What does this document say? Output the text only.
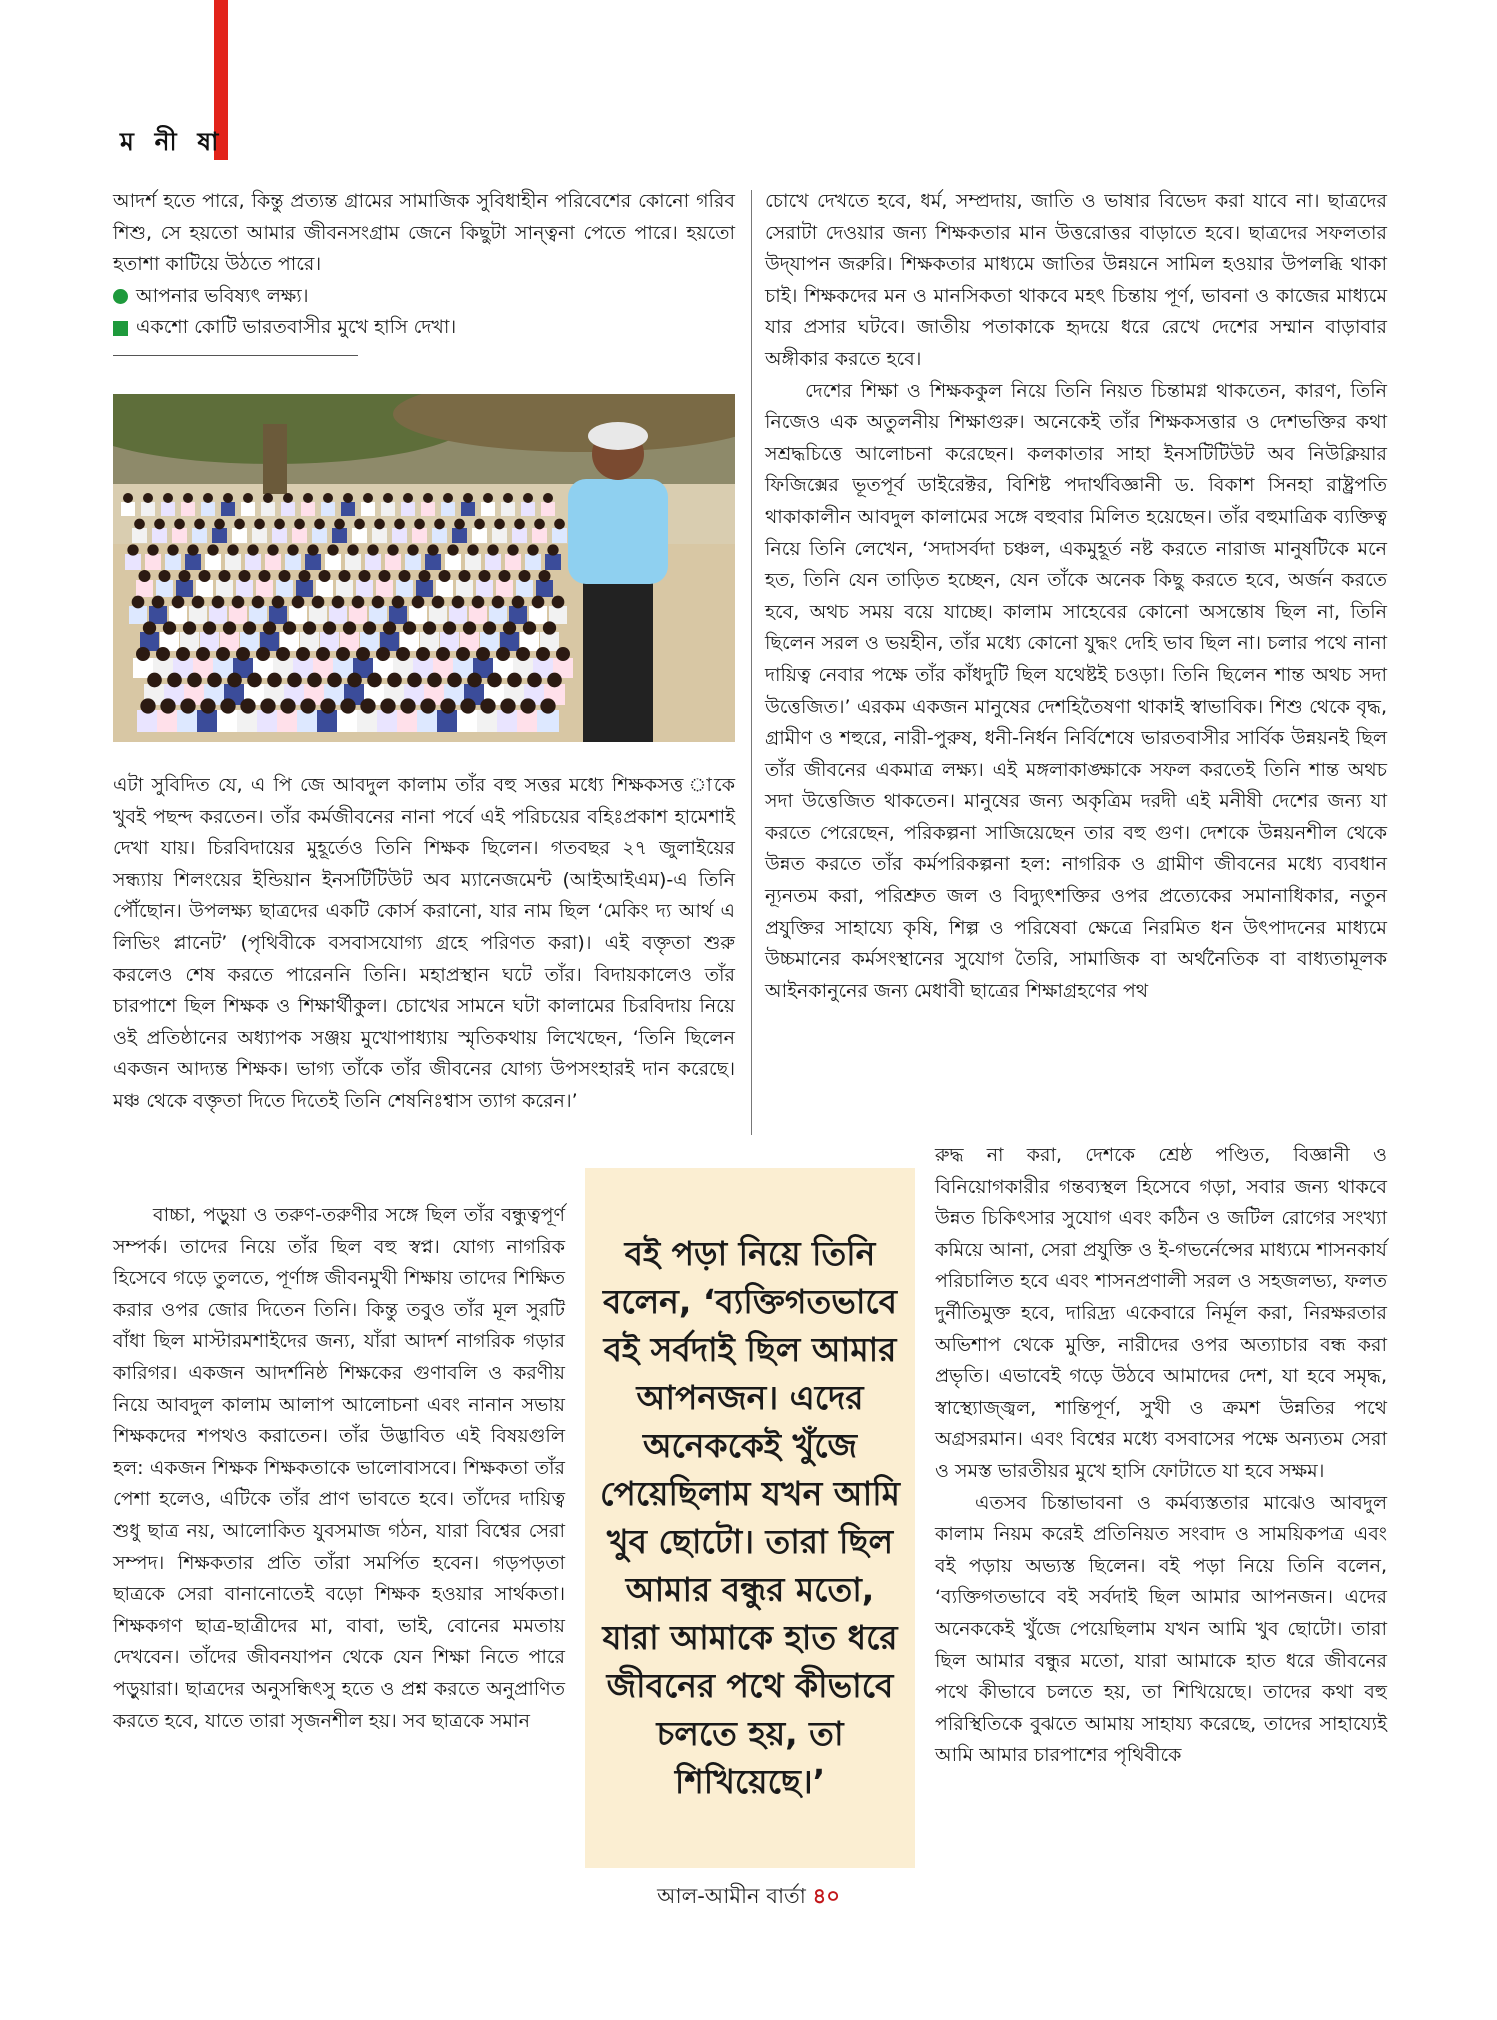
ম নী ষা

আদর্শ হতে পারে, কিন্তু প্রত্যন্ত গ্রামের সামাজিক সুবিধাহীন পরিবেশের কোনো গরিব শিশু, সে হয়তো আমার জীবনসংগ্রাম জেনে কিছুটা সান্ত্বনা পেতে পারে। হয়তো হতাশা কাটিয়ে উঠতে পারে।

আপনার ভবিষ্যৎ লক্ষ্য।
একশো কোটি ভারতবাসীর মুখে হাসি দেখা।

এটা সুবিদিত যে, এ পি জে আবদুল কালাম তাঁর বহু সত্তর মধ্যে শিক্ষকসত্ত াকে খুবই পছন্দ করতেন। তাঁর কর্মজীবনের নানা পর্বে এই পরিচয়ের বহিঃপ্রকাশ হামেশাই দেখা যায়। চিরবিদায়ের মুহূর্তেও তিনি শিক্ষক ছিলেন। গতবছর ২৭ জুলাইয়ের সন্ধ্যায় শিলংয়ের ইন্ডিয়ান ইনসটিটিউট অব ম্যানেজমেন্ট (আইআইএম)-এ তিনি পৌঁছোন। উপলক্ষ্য ছাত্রদের একটি কোর্স করানো, যার নাম ছিল ‘মেকিং দ্য আর্থ এ লিভিং প্লানেট’ (পৃথিবীকে বসবাসযোগ্য গ্রহে পরিণত করা)। এই বক্তৃতা শুরু করলেও শেষ করতে পারেননি তিনি। মহাপ্রস্থান ঘটে তাঁর। বিদায়কালেও তাঁর চারপাশে ছিল শিক্ষক ও শিক্ষার্থীকুল। চোখের সামনে ঘটা কালামের চিরবিদায় নিয়ে ওই প্রতিষ্ঠানের অধ্যাপক সঞ্জয় মুখোপাধ্যায় স্মৃতিকথায় লিখেছেন, ‘তিনি ছিলেন একজন আদ্যন্ত শিক্ষক। ভাগ্য তাঁকে তাঁর জীবনের যোগ্য উপসংহারই দান করেছে। মঞ্চ থেকে বক্তৃতা দিতে দিতেই তিনি শেষনিঃশ্বাস ত্যাগ করেন।’

বাচ্চা, পড়ুয়া ও তরুণ-তরুণীর সঙ্গে ছিল তাঁর বন্ধুত্বপূর্ণ সম্পর্ক। তাদের নিয়ে তাঁর ছিল বহু স্বপ্ন। যোগ্য নাগরিক হিসেবে গড়ে তুলতে, পূর্ণাঙ্গ জীবনমুখী শিক্ষায় তাদের শিক্ষিত করার ওপর জোর দিতেন তিনি। কিন্তু তবুও তাঁর মূল সুরটি বাঁধা ছিল মাস্টারমশাইদের জন্য, যাঁরা আদর্শ নাগরিক গড়ার কারিগর। একজন আদর্শনিষ্ঠ শিক্ষকের গুণাবলি ও করণীয় নিয়ে আবদুল কালাম আলাপ আলোচনা এবং নানান সভায় শিক্ষকদের শপথও করাতেন। তাঁর উদ্ভাবিত এই বিষয়গুলি হল: একজন শিক্ষক শিক্ষকতাকে ভালোবাসবে। শিক্ষকতা তাঁর পেশা হলেও, এটিকে তাঁর প্রাণ ভাবতে হবে। তাঁদের দায়িত্ব শুধু ছাত্র নয়, আলোকিত যুবসমাজ গঠন, যারা বিশ্বের সেরা সম্পদ। শিক্ষকতার প্রতি তাঁরা সমর্পিত হবেন। গড়পড়তা ছাত্রকে সেরা বানানোতেই বড়ো শিক্ষক হওয়ার সার্থকতা। শিক্ষকগণ ছাত্র-ছাত্রীদের মা, বাবা, ভাই, বোনের মমতায় দেখবেন। তাঁদের জীবনযাপন থেকে যেন শিক্ষা নিতে পারে পড়ুয়ারা। ছাত্রদের অনুসন্ধিৎসু হতে ও প্রশ্ন করতে অনুপ্রাণিত করতে হবে, যাতে তারা সৃজনশীল হয়। সব ছাত্রকে সমান

বই পড়া নিয়ে তিনি বলেন, ‘ব্যক্তিগতভাবে বই সর্বদাই ছিল আমার আপনজন। এদের অনেককেই খুঁজে পেয়েছিলাম যখন আমি খুব ছোটো। তারা ছিল আমার বন্ধুর মতো, যারা আমাকে হাত ধরে জীবনের পথে কীভাবে চলতে হয়, তা শিখিয়েছে।’

চোখে দেখতে হবে, ধর্ম, সম্প্রদায়, জাতি ও ভাষার বিভেদ করা যাবে না। ছাত্রদের সেরাটা দেওয়ার জন্য শিক্ষকতার মান উত্তরোত্তর বাড়াতে হবে। ছাত্রদের সফলতার উদ্‌যাপন জরুরি। শিক্ষকতার মাধ্যমে জাতির উন্নয়নে সামিল হওয়ার উপলব্ধি থাকা চাই। শিক্ষকদের মন ও মানসিকতা থাকবে মহৎ চিন্তায় পূর্ণ, ভাবনা ও কাজের মাধ্যমে যার প্রসার ঘটবে। জাতীয় পতাকাকে হৃদয়ে ধরে রেখে দেশের সম্মান বাড়াবার অঙ্গীকার করতে হবে।

দেশের শিক্ষা ও শিক্ষককুল নিয়ে তিনি নিয়ত চিন্তামগ্ন থাকতেন, কারণ, তিনি নিজেও এক অতুলনীয় শিক্ষাগুরু। অনেকেই তাঁর শিক্ষকসত্তার ও দেশভক্তির কথা সশ্রদ্ধচিত্তে আলোচনা করেছেন। কলকাতার সাহা ইনসটিটিউট অব নিউক্লিয়ার ফিজিক্সের ভূতপূর্ব ডাইরেক্টর, বিশিষ্ট পদার্থবিজ্ঞানী ড. বিকাশ সিনহা রাষ্ট্রপতি থাকাকালীন আবদুল কালামের সঙ্গে বহুবার মিলিত হয়েছেন। তাঁর বহুমাত্রিক ব্যক্তিত্ব নিয়ে তিনি লেখেন, ‘সদাসর্বদা চঞ্চল, একমুহূর্ত নষ্ট করতে নারাজ মানুষটিকে মনে হত, তিনি যেন তাড়িত হচ্ছেন, যেন তাঁকে অনেক কিছু করতে হবে, অর্জন করতে হবে, অথচ সময় বয়ে যাচ্ছে। কালাম সাহেবের কোনো অসন্তোষ ছিল না, তিনি ছিলেন সরল ও ভয়হীন, তাঁর মধ্যে কোনো যুদ্ধং দেহি ভাব ছিল না। চলার পথে নানা দায়িত্ব নেবার পক্ষে তাঁর কাঁধদুটি ছিল যথেষ্টই চওড়া। তিনি ছিলেন শান্ত অথচ সদা উত্তেজিত।’ এরকম একজন মানুষের দেশহিতৈষণা থাকাই স্বাভাবিক। শিশু থেকে বৃদ্ধ, গ্রামীণ ও শহুরে, নারী-পুরুষ, ধনী-নির্ধন নির্বিশেষে ভারতবাসীর সার্বিক উন্নয়নই ছিল তাঁর জীবনের একমাত্র লক্ষ্য। এই মঙ্গলাকাঙ্ক্ষাকে সফল করতেই তিনি শান্ত অথচ সদা উত্তেজিত থাকতেন। মানুষের জন্য অকৃত্রিম দরদী এই মনীষী দেশের জন্য যা করতে পেরেছেন, পরিকল্পনা সাজিয়েছেন তার বহু গুণ। দেশকে উন্নয়নশীল থেকে উন্নত করতে তাঁর কর্মপরিকল্পনা হল: নাগরিক ও গ্রামীণ জীবনের মধ্যে ব্যবধান ন্যূনতম করা, পরিশ্রুত জল ও বিদ্যুৎশক্তির ওপর প্রত্যেকের সমানাধিকার, নতুন প্রযুক্তির সাহায্যে কৃষি, শিল্প ও পরিষেবা ক্ষেত্রে নিরমিত ধন উৎপাদনের মাধ্যমে উচ্চমানের কর্মসংস্থানের সুযোগ তৈরি, সামাজিক বা অর্থনৈতিক বা বাধ্যতামূলক আইনকানুনের জন্য মেধাবী ছাত্রের শিক্ষাগ্রহণের পথ

রুদ্ধ না করা, দেশকে শ্রেষ্ঠ পণ্ডিত, বিজ্ঞানী ও বিনিয়োগকারীর গন্তব্যস্থল হিসেবে গড়া, সবার জন্য থাকবে উন্নত চিকিৎসার সুযোগ এবং কঠিন ও জটিল রোগের সংখ্যা কমিয়ে আনা, সেরা প্রযুক্তি ও ই-গভর্নেন্সের মাধ্যমে শাসনকার্য পরিচালিত হবে এবং শাসনপ্রণালী সরল ও সহজলভ্য, ফলত দুর্নীতিমুক্ত হবে, দারিদ্র্য একেবারে নির্মূল করা, নিরক্ষরতার অভিশাপ থেকে মুক্তি, নারীদের ওপর অত্যাচার বন্ধ করা প্রভৃতি। এভাবেই গড়ে উঠবে আমাদের দেশ, যা হবে সমৃদ্ধ, স্বাস্থ্যোজ্জ্বল, শান্তিপূর্ণ, সুখী ও ক্রমশ উন্নতির পথে অগ্রসরমান। এবং বিশ্বের মধ্যে বসবাসের পক্ষে অন্যতম সেরা ও সমস্ত ভারতীয়র মুখে হাসি ফোটাতে যা হবে সক্ষম।

এতসব চিন্তাভাবনা ও কর্মব্যস্ততার মাঝেও আবদুল কালাম নিয়ম করেই প্রতিনিয়ত সংবাদ ও সাময়িকপত্র এবং বই পড়ায় অভ্যস্ত ছিলেন। বই পড়া নিয়ে তিনি বলেন, ‘ব্যক্তিগতভাবে বই সর্বদাই ছিল আমার আপনজন। এদের অনেককেই খুঁজে পেয়েছিলাম যখন আমি খুব ছোটো। তারা ছিল আমার বন্ধুর মতো, যারা আমাকে হাত ধরে জীবনের পথে কীভাবে চলতে হয়, তা শিখিয়েছে। তাদের কথা বহু পরিস্থিতিকে বুঝতে আমায় সাহায্য করেছে, তাদের সাহায্যেই আমি আমার চারপাশের পৃথিবীকে

আল-আমীন বার্তা ৪০
